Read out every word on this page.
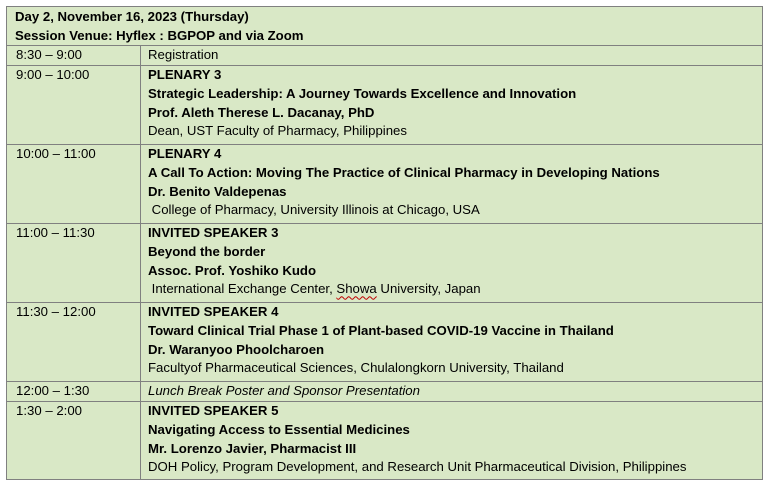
Day 2, November 16, 2023 (Thursday)
Session Venue: Hyflex : BGPOP and via Zoom
8:30 – 9:00	Registration
9:00 – 10:00	PLENARY 3
Strategic Leadership: A Journey Towards Excellence and Innovation
Prof. Aleth Therese L. Dacanay, PhD
Dean, UST Faculty of Pharmacy, Philippines
10:00 – 11:00	PLENARY 4
A Call To Action: Moving The Practice of Clinical Pharmacy in Developing Nations
Dr. Benito Valdepenas
College of Pharmacy, University Illinois at Chicago, USA
11:00 – 11:30	INVITED SPEAKER 3
Beyond the border
Assoc. Prof. Yoshiko Kudo
International Exchange Center, Showa University, Japan
11:30 – 12:00	INVITED SPEAKER 4
Toward Clinical Trial Phase 1 of Plant-based COVID-19 Vaccine in Thailand
Dr. Waranyoo Phoolcharoen
Facultyof Pharmaceutical Sciences, Chulalongkorn University, Thailand
12:00 – 1:30	Lunch Break Poster and Sponsor Presentation
1:30 – 2:00	INVITED SPEAKER 5
Navigating Access to Essential Medicines
Mr. Lorenzo Javier, Pharmacist III
DOH Policy, Program Development, and Research Unit Pharmaceutical Division, Philippines
